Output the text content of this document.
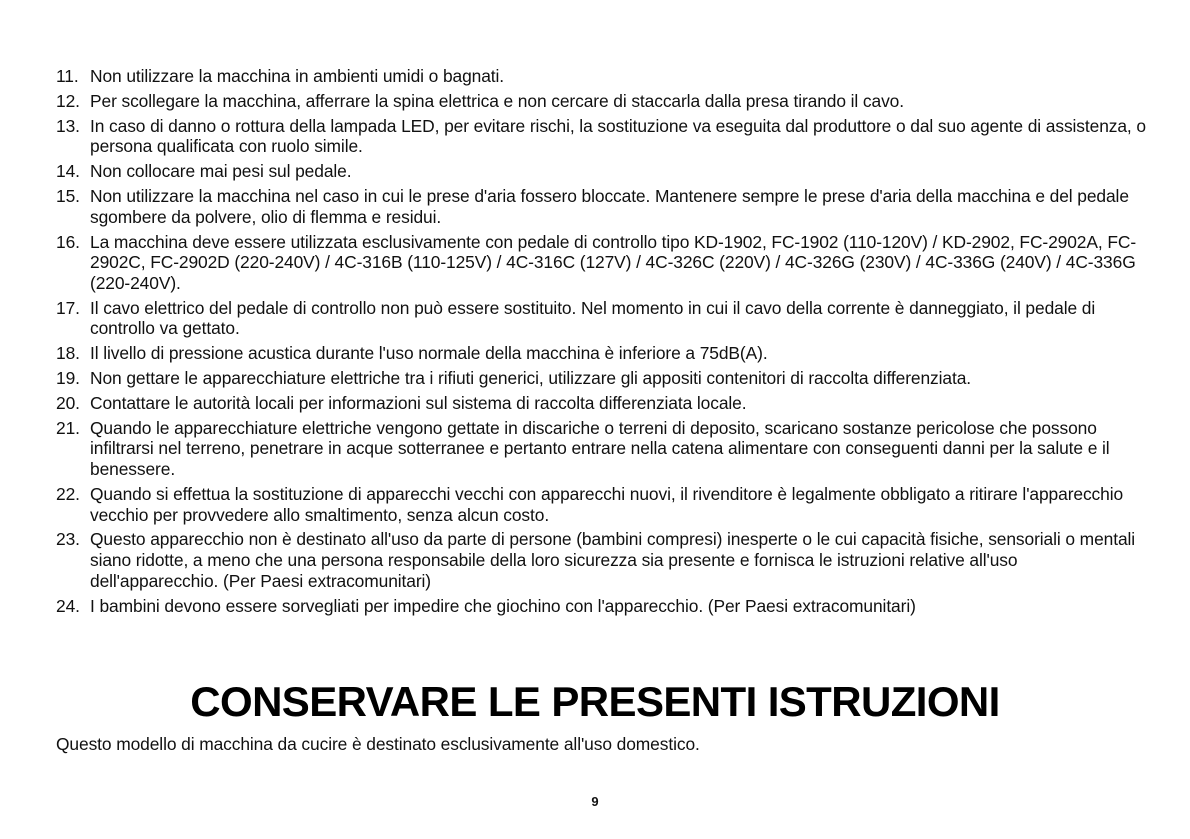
11. Non utilizzare la macchina in ambienti umidi o bagnati.
12. Per scollegare la macchina, afferrare la spina elettrica e non cercare di staccarla dalla presa tirando il cavo.
13. In caso di danno o rottura della lampada LED, per evitare rischi, la sostituzione va eseguita dal produttore o dal suo agente di assistenza, o persona qualificata con ruolo simile.
14. Non collocare mai pesi sul pedale.
15. Non utilizzare la macchina nel caso in cui le prese d'aria fossero bloccate. Mantenere sempre le prese d'aria della macchina e del pedale sgombere da polvere, olio di flemma e residui.
16. La macchina deve essere utilizzata esclusivamente con pedale di controllo tipo KD-1902, FC-1902 (110-120V) / KD-2902, FC-2902A, FC-2902C, FC-2902D (220-240V) / 4C-316B (110-125V) / 4C-316C (127V) / 4C-326C (220V) / 4C-326G (230V) / 4C-336G (240V) / 4C-336G (220-240V).
17. Il cavo elettrico del pedale di controllo non può essere sostituito. Nel momento in cui il cavo della corrente è danneggiato, il pedale di controllo va gettato.
18. Il livello di pressione acustica durante l'uso normale della macchina è inferiore a 75dB(A).
19. Non gettare le apparecchiature elettriche tra i rifiuti generici, utilizzare gli appositi contenitori di raccolta differenziata.
20. Contattare le autorità locali per informazioni sul sistema di raccolta differenziata locale.
21. Quando le apparecchiature elettriche vengono gettate in discariche o terreni di deposito, scaricano sostanze pericolose che possono infiltrarsi nel terreno, penetrare in acque sotterranee e pertanto entrare nella catena alimentare con conseguenti danni per la salute e il benessere.
22. Quando si effettua la sostituzione di apparecchi vecchi con apparecchi nuovi, il rivenditore è legalmente obbligato a ritirare l'apparecchio vecchio per provvedere allo smaltimento, senza alcun costo.
23. Questo apparecchio non è destinato all'uso da parte di persone (bambini compresi) inesperte o le cui capacità fisiche, sensoriali o mentali siano ridotte, a meno che una persona responsabile della loro sicurezza sia presente e fornisca le istruzioni relative all'uso dell'apparecchio. (Per Paesi extracomunitari)
24. I bambini devono essere sorvegliati per impedire che giochino con l'apparecchio. (Per Paesi extracomunitari)
CONSERVARE LE PRESENTI ISTRUZIONI

Questo modello di macchina da cucire è destinato esclusivamente all'uso domestico.

9
